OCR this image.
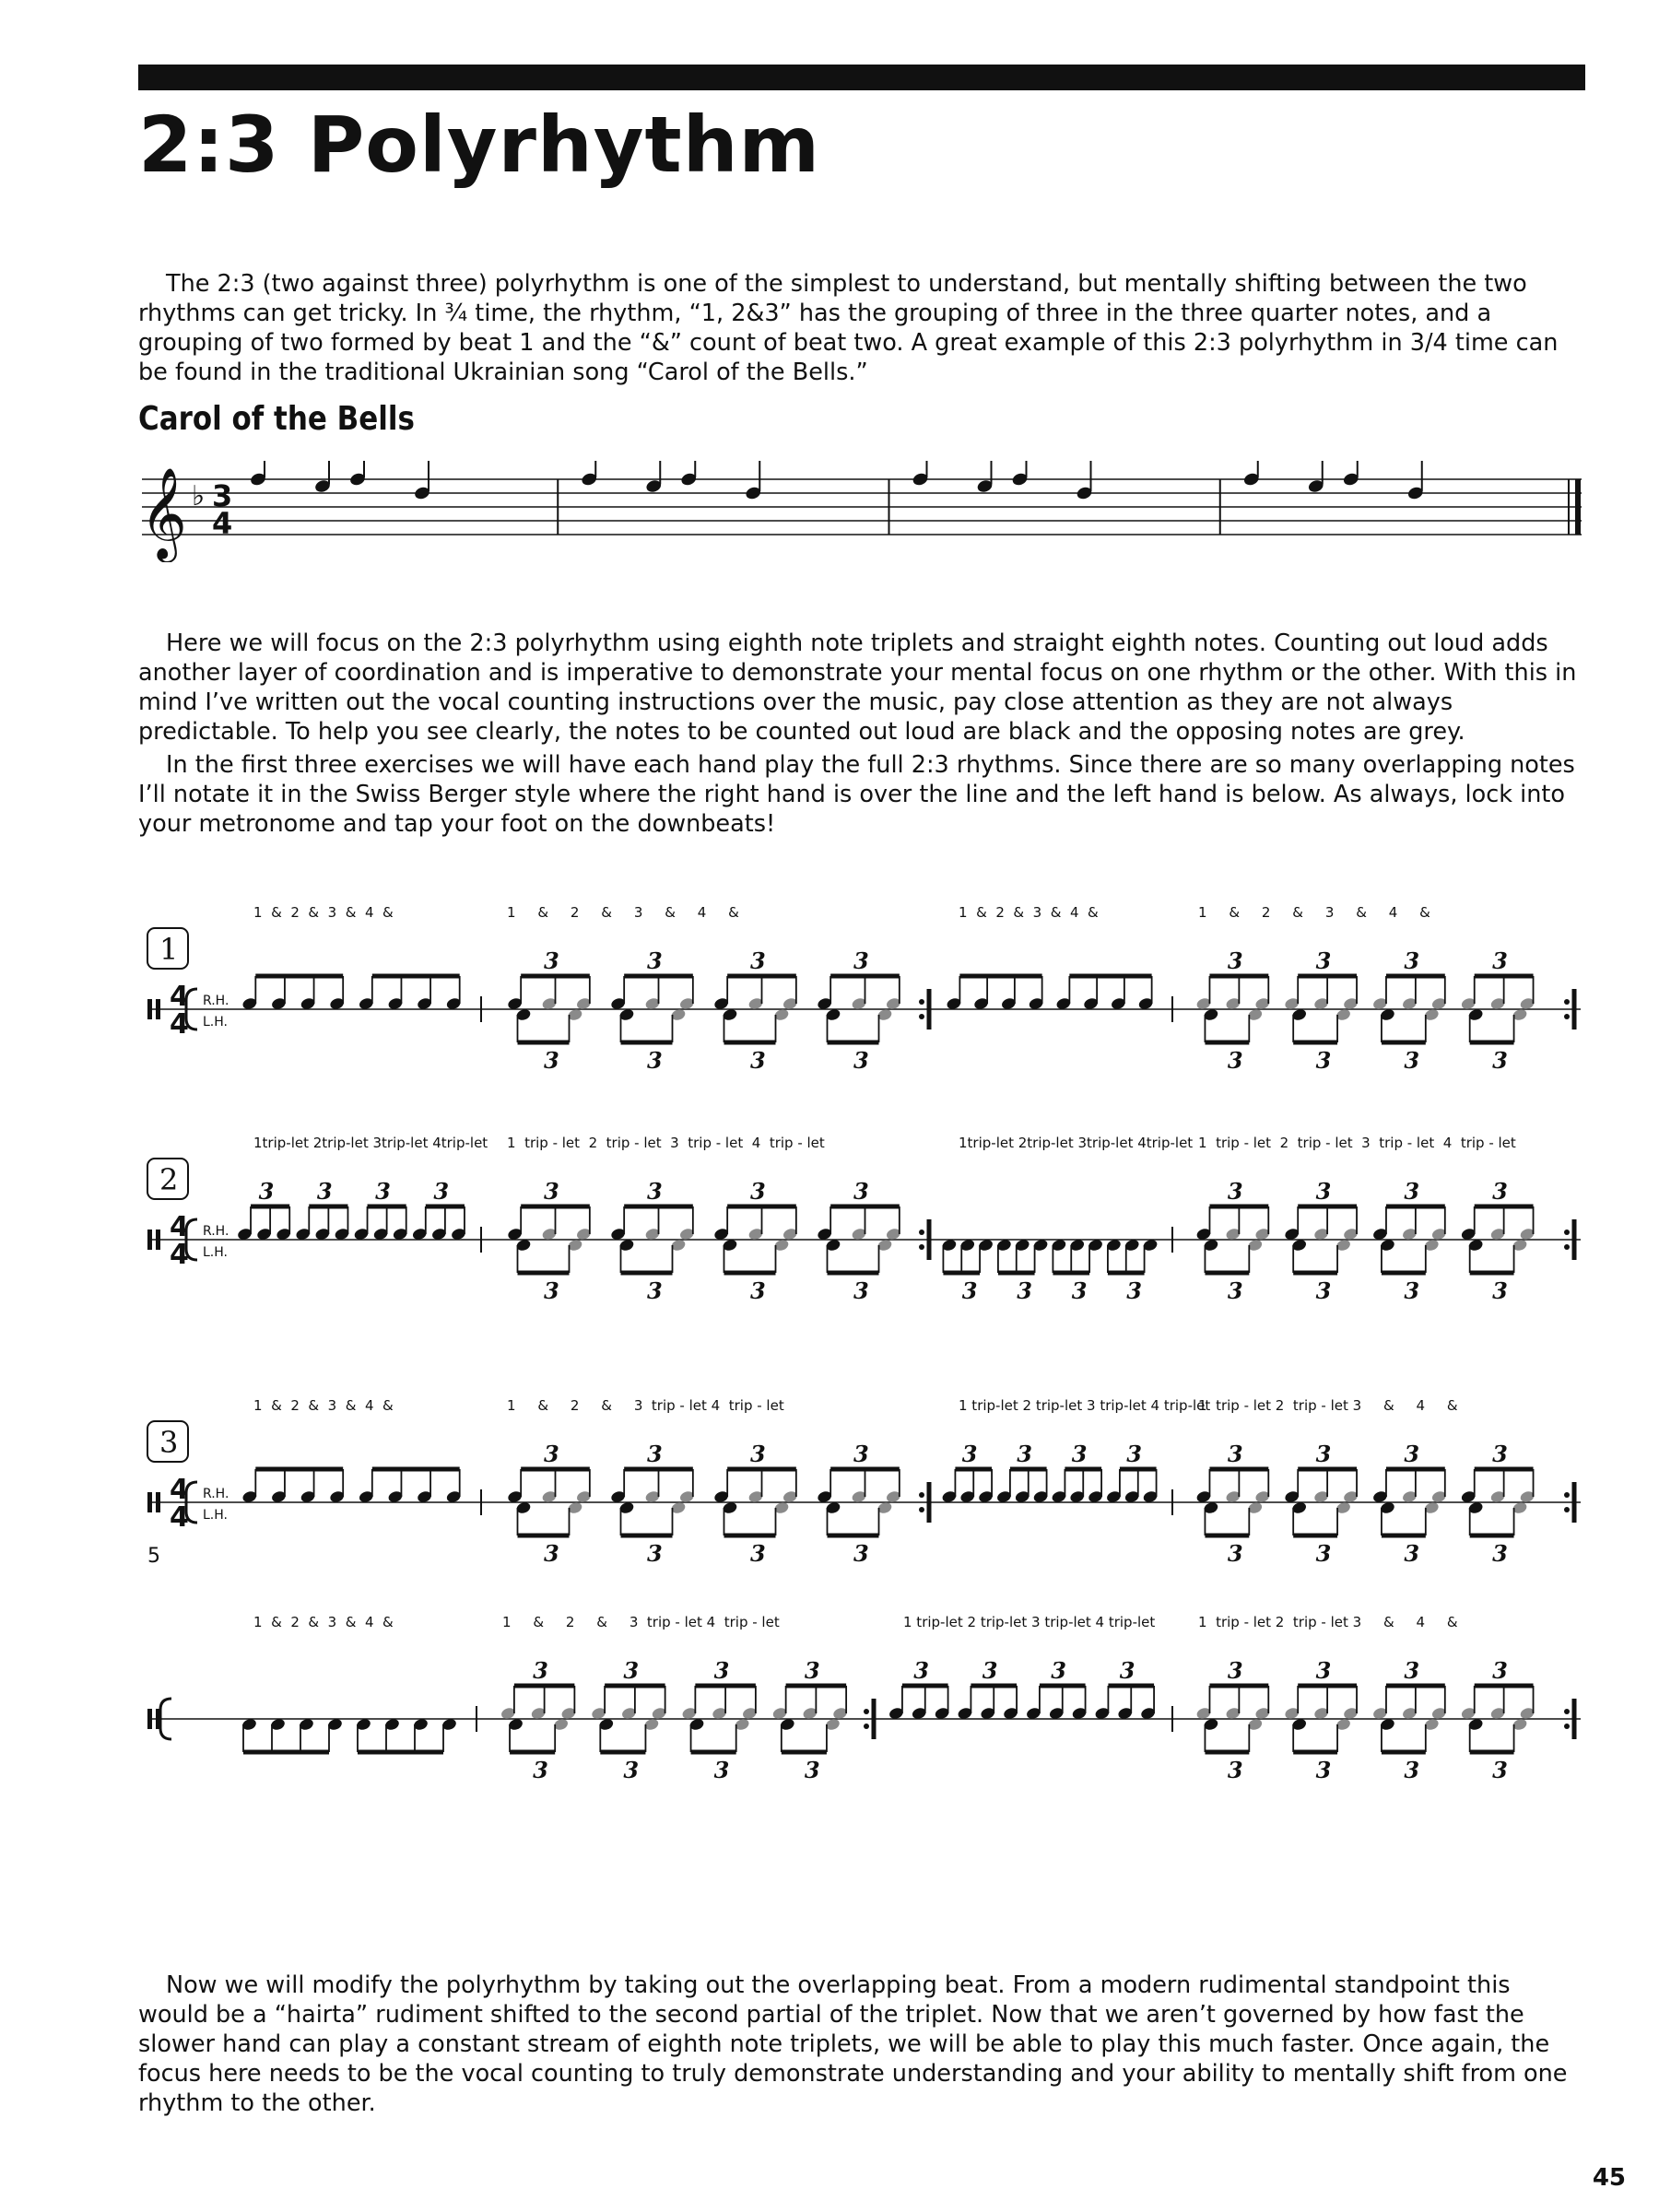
2:3 Polyrhythm
The 2:3 (two against three) polyrhythm is one of the simplest to understand, but mentally shifting between the two rhythms can get tricky. In ¾ time, the rhythm, “1, 2&3” has the grouping of three in the three quarter notes, and a grouping of two formed by beat 1 and the “&” count of beat two. A great example of this 2:3 polyrhythm in 3/4 time can be found in the traditional Ukrainian song “Carol of the Bells.”
Carol of the Bells
𝄞 ♭ 3
4
Here we will focus on the 2:3 polyrhythm using eighth note triplets and straight eighth notes. Counting out loud adds another layer of coordination and is imperative to demonstrate your mental focus on one rhythm or the other. With this in mind I’ve written out the vocal counting instructions over the music, pay close attention as they are not always predictable. To help you see clearly, the notes to be counted out loud are black and the opposing notes are grey.
In the first three exercises we will have each hand play the full 2:3 rhythms. Since there are so many overlapping notes I’ll notate it in the Swiss Berger style where the right hand is over the line and the left hand is below. As always, lock into your metronome and tap your foot on the downbeats!
4
4
R.H.
L.H.
1
1  &  2  &  3  &  4  &	1     &     2     &     3     &     4     &	1  &  2  &  3  &  4  &	1     &     2     &     3     &     4     &
3	3	3	3
3	3	3	3
3	3	3	3
3	3	3	3
4
4
R.H.
L.H.
2
1trip-let 2trip-let 3trip-let 4trip-let 1  trip - let  2  trip - let  3  trip - let  4  trip - let	1trip-let 2trip-let 3trip-let 4trip-let 1  trip - let  2  trip - let  3  trip - let  4  trip - let
3 3 3 3	3	3	3	3
3	3	3	3	3 3 3 3
3	3	3	3
3	3	3	3
4
4
R.H.
L.H.
3
1  &  2  &  3  &  4  &	1     &     2     &     3  trip - let 4  trip - let	1 trip-let 2 trip-let 3 trip-let 4 trip-let
1  trip - let 2  trip - let 3     &     4     &
3	3	3	3
3	3	3	3
3 3 3 3	3	3	3	3
3	3	3	3
5
1  &  2  &  3  &  4  &	1     &     2     &     3  trip - let 4  trip - let	1 trip-let 2 trip-let 3 trip-let 4 trip-let	1  trip - let 2  trip - let 3     &     4     &
3	3	3	3
3	3	3	3
3 3 3 3	3	3	3	3
3	3	3	3
Now we will modify the polyrhythm by taking out the overlapping beat. From a modern rudimental standpoint this would be a “hairta” rudiment shifted to the second partial of the triplet. Now that we aren’t governed by how fast the slower hand can play a constant stream of eighth note triplets, we will be able to play this much faster. Once again, the focus here needs to be the vocal counting to truly demonstrate understanding and your ability to mentally shift from one rhythm to the other.
45
